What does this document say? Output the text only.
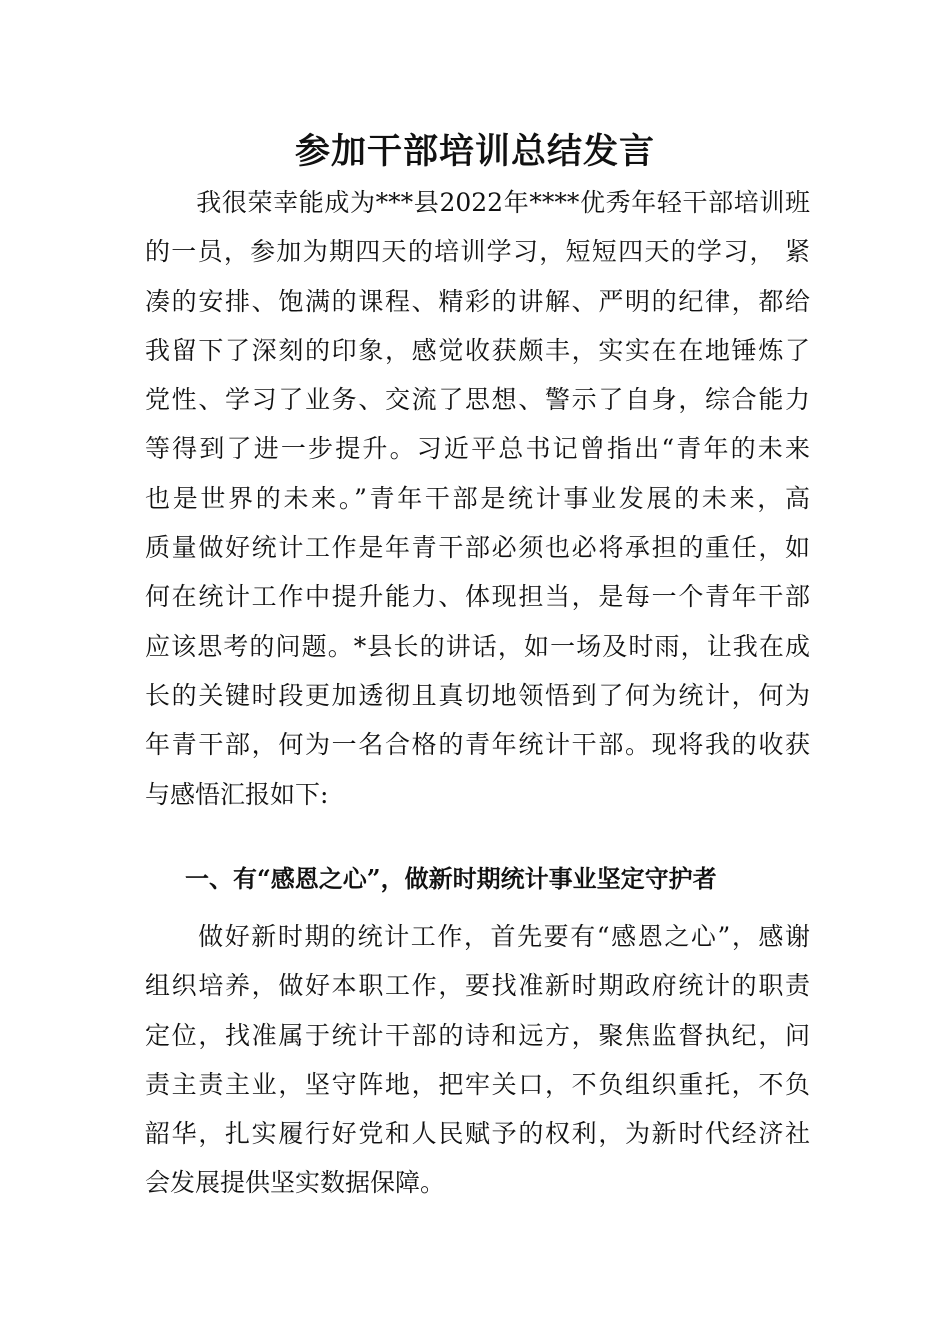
参加干部培训总结发言
　　我很荣幸能成为***县2022年****优秀年轻干部培训班
的一员，参加为期四天的培训学习，短短四天的学习， 紧
凑的安排、饱满的课程、精彩的讲解、严明的纪律，都给
我留下了深刻的印象，感觉收获颇丰，实实在在地锤炼了
党性、学习了业务、交流了思想、警示了自身，综合能力
等得到了进一步提升。习近平总书记曾指出“青年的未来
也是世界的未来。”青年干部是统计事业发展的未来，高
质量做好统计工作是年青干部必须也必将承担的重任，如
何在统计工作中提升能力、体现担当，是每一个青年干部
应该思考的问题。*县长的讲话，如一场及时雨，让我在成
长的关键时段更加透彻且真切地领悟到了何为统计，何为
年青干部，何为一名合格的青年统计干部。现将我的收获
与感悟汇报如下:
一、有“感恩之心”，做新时期统计事业坚定守护者
　　做好新时期的统计工作，首先要有“感恩之心”，感谢
组织培养，做好本职工作，要找准新时期政府统计的职责
定位，找准属于统计干部的诗和远方，聚焦监督执纪，问
责主责主业，坚守阵地，把牢关口，不负组织重托，不负
韶华，扎实履行好党和人民赋予的权利，为新时代经济社
会发展提供坚实数据保障。
